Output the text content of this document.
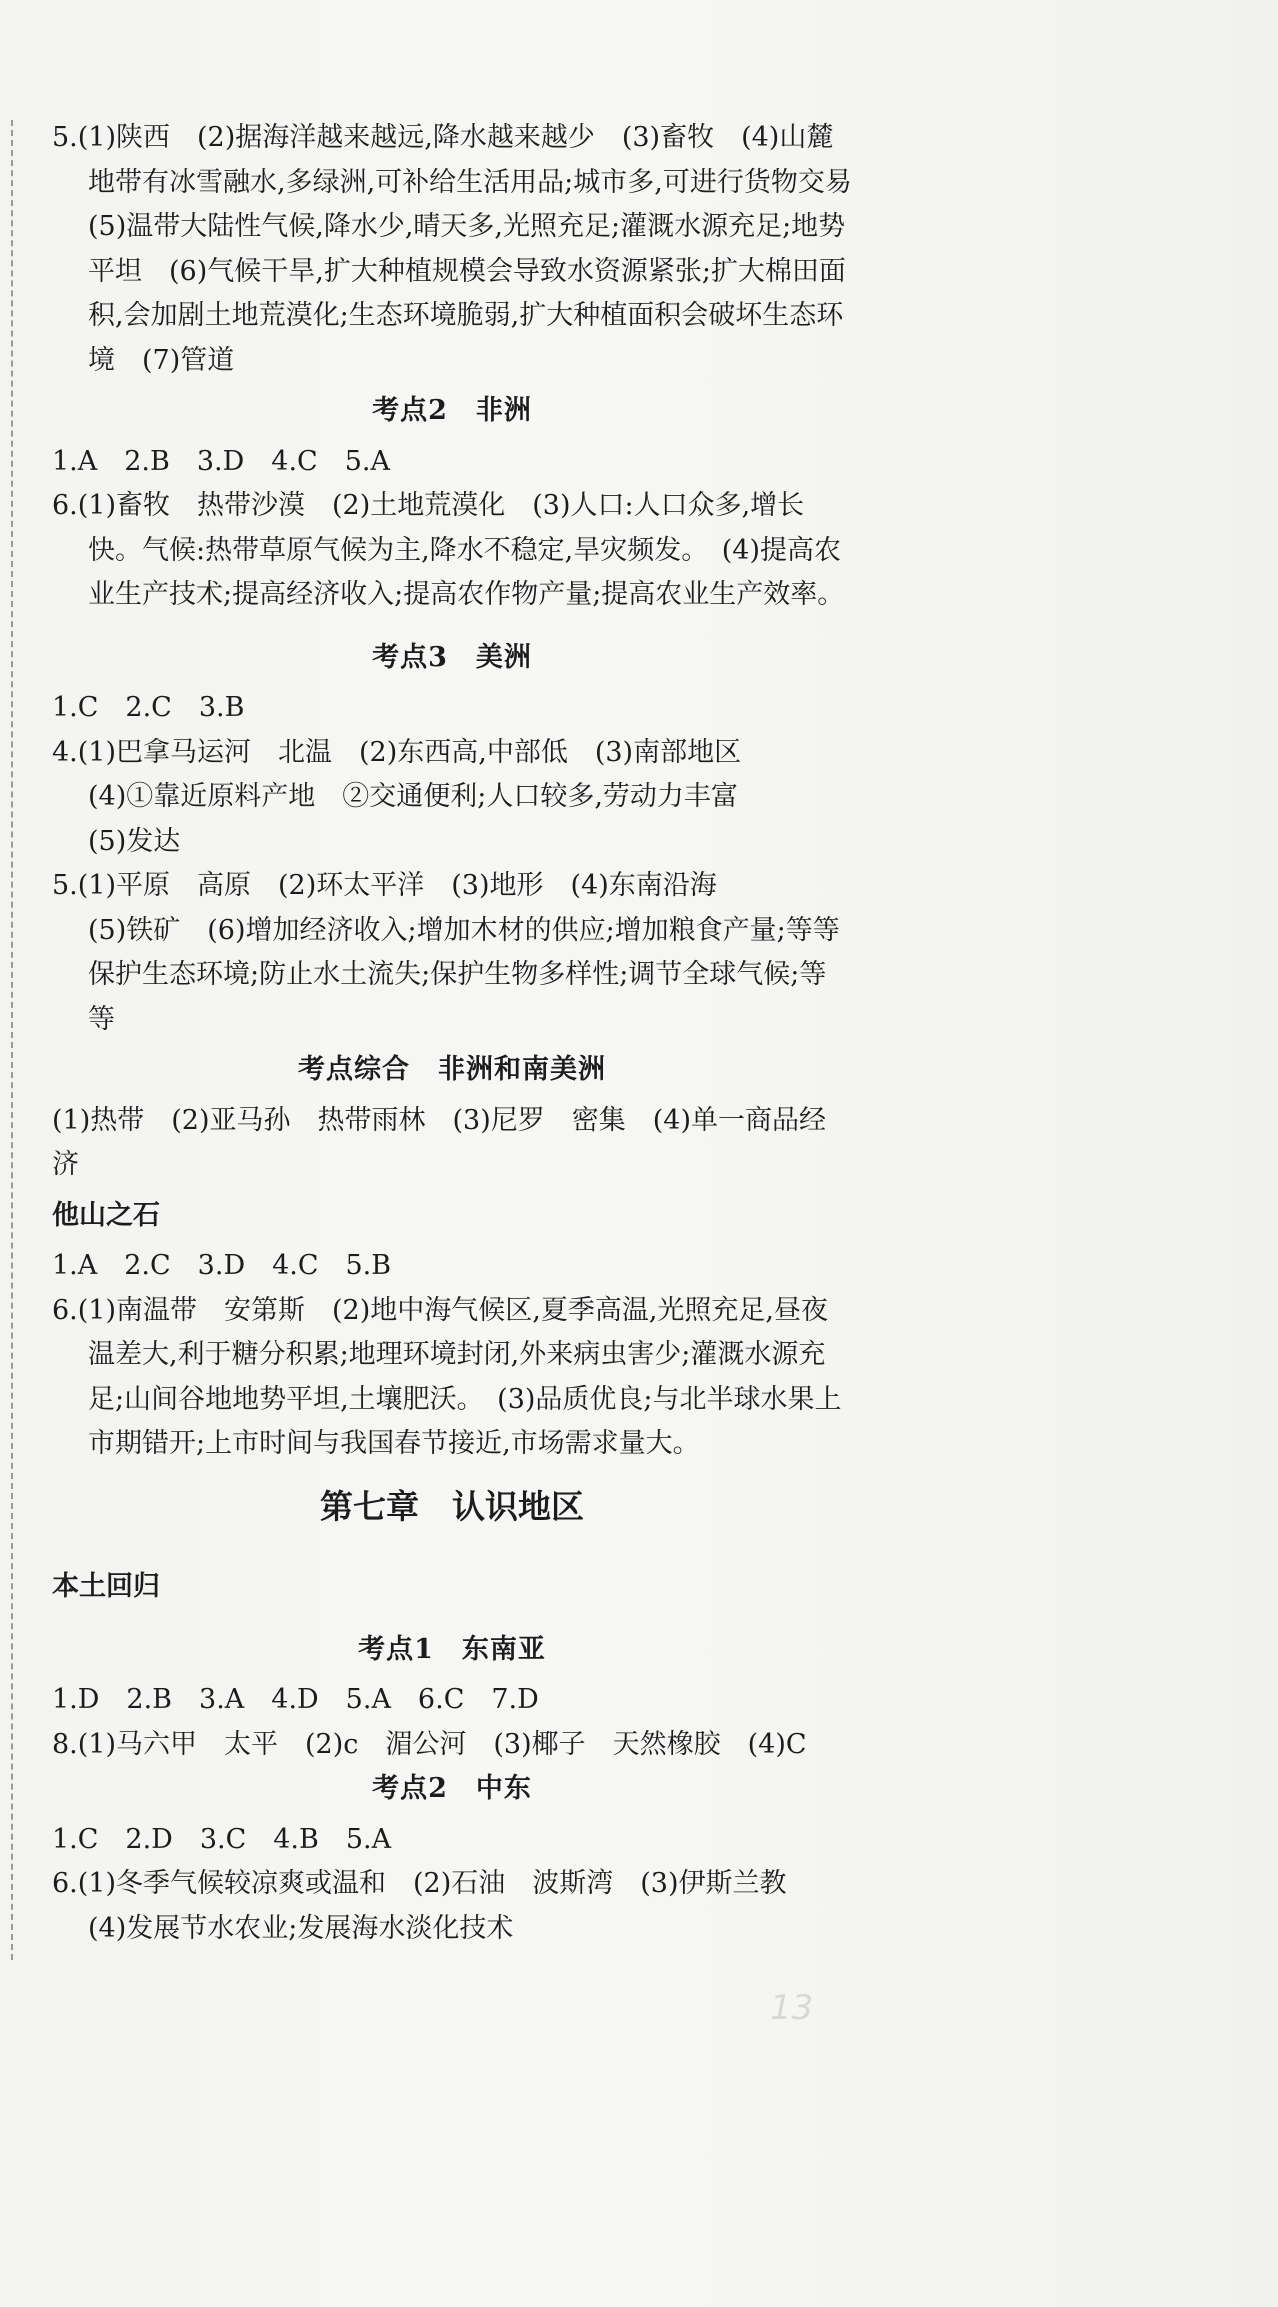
5.(1)陕西　(2)据海洋越来越远,降水越来越少　(3)畜牧　(4)山麓地带有冰雪融水,多绿洲,可补给生活用品;城市多,可进行货物交易　(5)温带大陆性气候,降水少,晴天多,光照充足;灌溉水源充足;地势平坦　(6)气候干旱,扩大种植规模会导致水资源紧张;扩大棉田面积,会加剧土地荒漠化;生态环境脆弱,扩大种植面积会破坏生态环境　(7)管道

考点2　非洲

1.A　2.B　3.D　4.C　5.A

6.(1)畜牧　热带沙漠　(2)土地荒漠化　(3)人口:人口众多,增长快。气候:热带草原气候为主,降水不稳定,旱灾频发。　(4)提高农业生产技术;提高经济收入;提高农作物产量;提高农业生产效率。

考点3　美洲

1.C　2.C　3.B

4.(1)巴拿马运河　北温　(2)东西高,中部低　(3)南部地区

(4)①靠近原料产地　②交通便利;人口较多,劳动力丰富

(5)发达

5.(1)平原　高原　(2)环太平洋　(3)地形　(4)东南沿海

(5)铁矿　(6)增加经济收入;增加木材的供应;增加粮食产量;等等　保护生态环境;防止水土流失;保护生物多样性;调节全球气候;等等

考点综合　非洲和南美洲

(1)热带　(2)亚马孙　热带雨林　(3)尼罗　密集　(4)单一商品经济

他山之石

1.A　2.C　3.D　4.C　5.B

6.(1)南温带　安第斯　(2)地中海气候区,夏季高温,光照充足,昼夜温差大,利于糖分积累;地理环境封闭,外来病虫害少;灌溉水源充足;山间谷地地势平坦,土壤肥沃。　(3)品质优良;与北半球水果上市期错开;上市时间与我国春节接近,市场需求量大。

第七章　认识地区

本土回归

考点1　东南亚

1.D　2.B　3.A　4.D　5.A　6.C　7.D

8.(1)马六甲　太平　(2)c　湄公河　(3)椰子　天然橡胶　(4)C

考点2　中东

1.C　2.D　3.C　4.B　5.A

6.(1)冬季气候较凉爽或温和　(2)石油　波斯湾　(3)伊斯兰教

(4)发展节水农业;发展海水淡化技术

13
